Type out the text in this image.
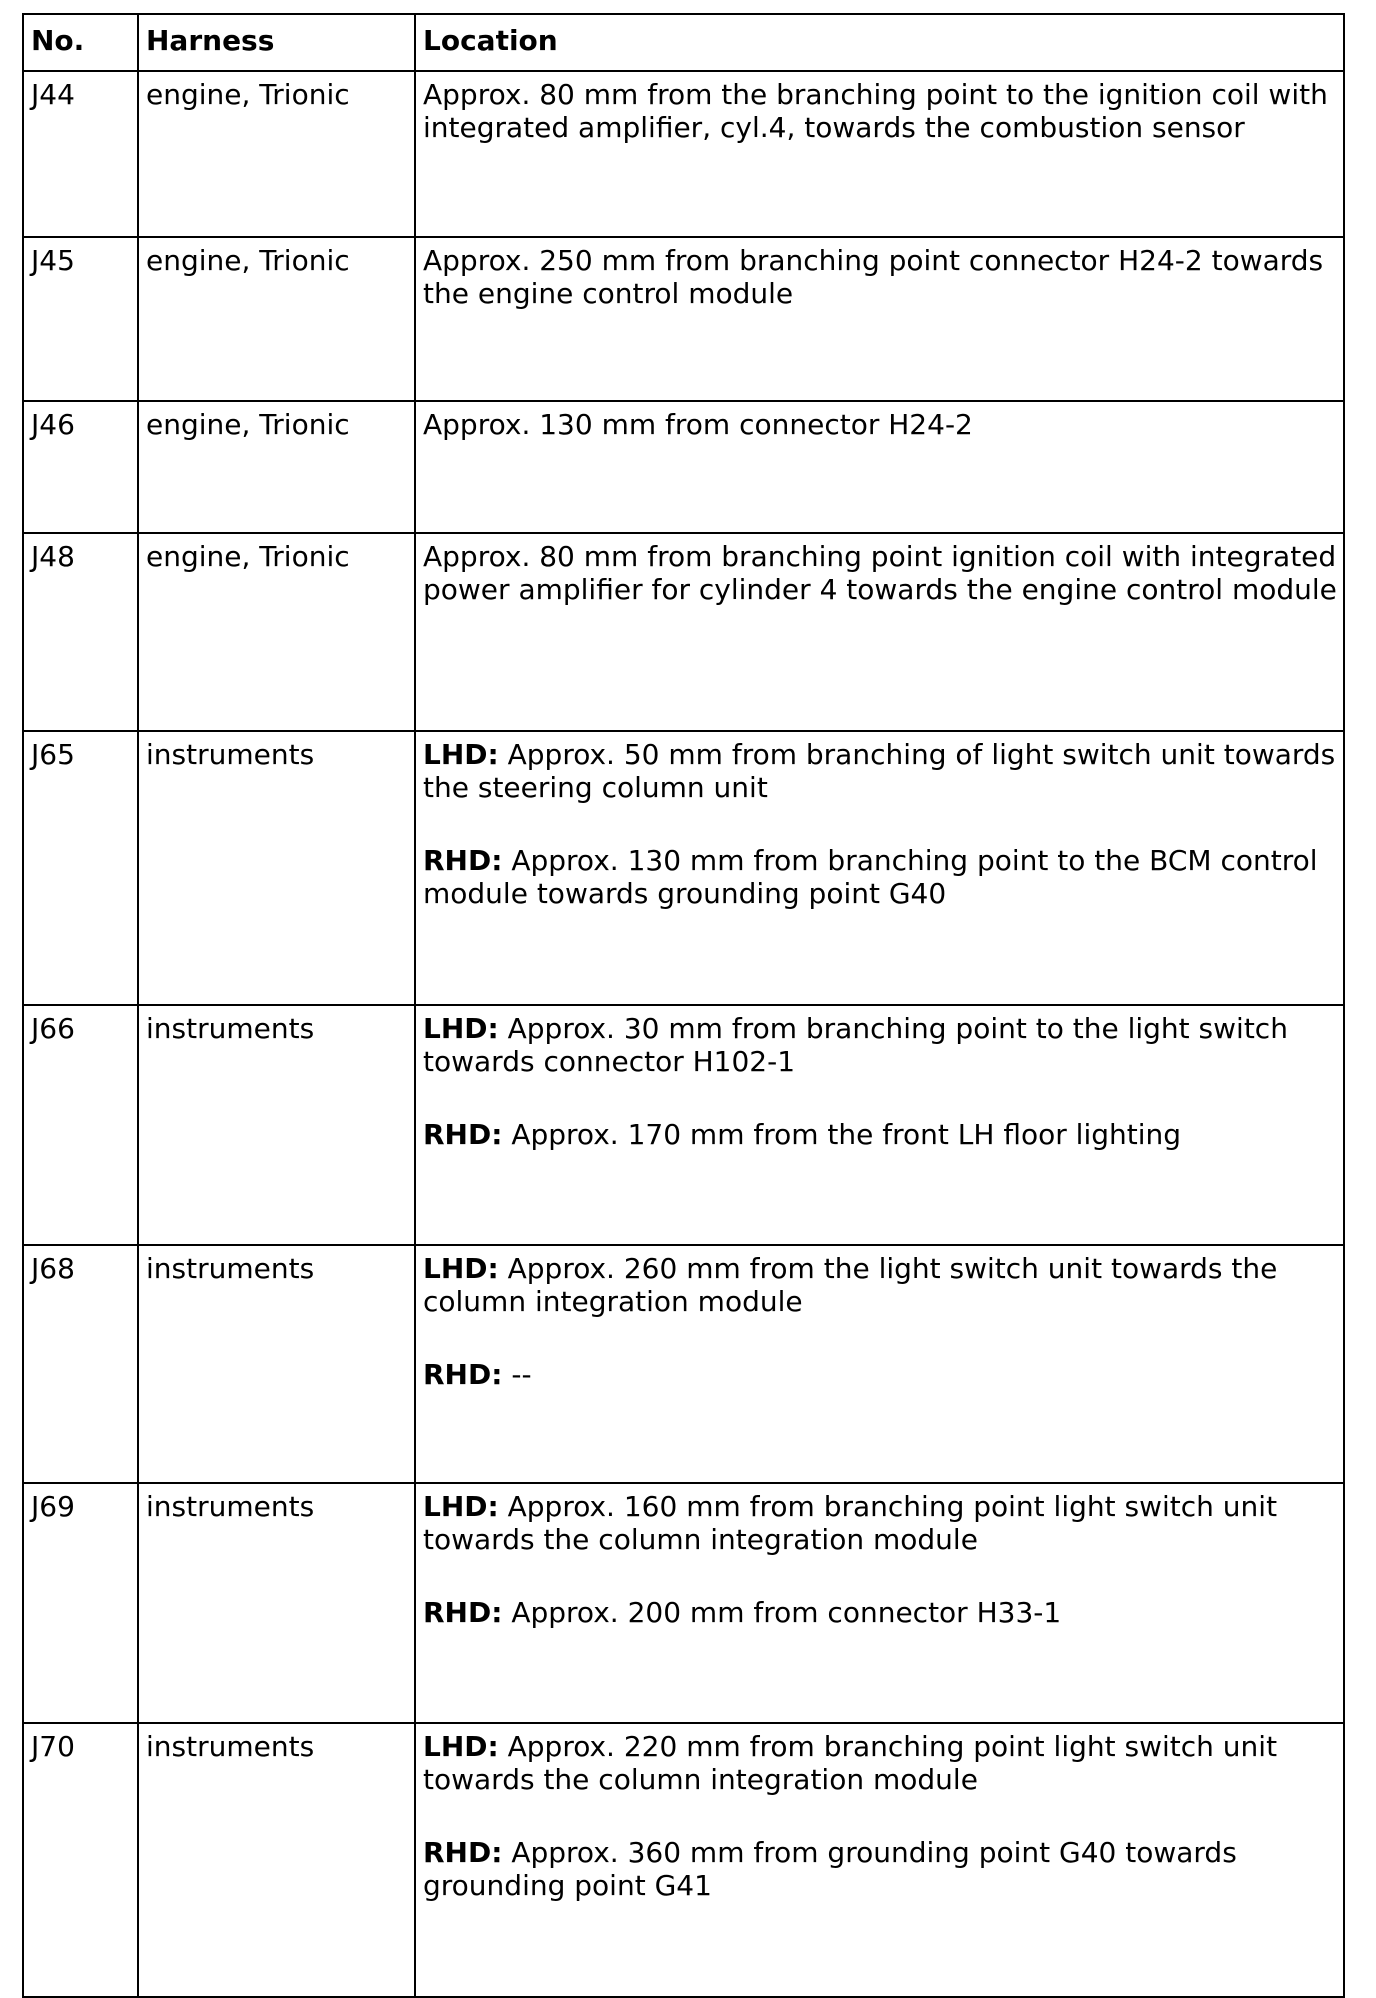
No.	Harness	Location
J44	engine, Trionic	Approx. 80 mm from the branching point to the ignition coil with integrated amplifier, cyl.4, towards the combustion sensor

J45	engine, Trionic	Approx. 250 mm from branching point connector H24-2 towards the engine control module

J46	engine, Trionic	Approx. 130 mm from connector H24-2

J48	engine, Trionic	Approx. 80 mm from branching point ignition coil with integrated power amplifier for cylinder 4 towards the engine control module

J65	instruments	LHD: Approx. 50 mm from branching of light switch unit towards the steering column unit

RHD: Approx. 130 mm from branching point to the BCM control module towards grounding point G40

J66	instruments	LHD: Approx. 30 mm from branching point to the light switch towards connector H102-1

RHD: Approx. 170 mm from the front LH floor lighting

J68	instruments	LHD: Approx. 260 mm from the light switch unit towards the column integration module

RHD: --

J69	instruments	LHD: Approx. 160 mm from branching point light switch unit towards the column integration module

RHD: Approx. 200 mm from connector H33-1

J70	instruments	LHD: Approx. 220 mm from branching point light switch unit towards the column integration module

RHD: Approx. 360 mm from grounding point G40 towards grounding point G41
